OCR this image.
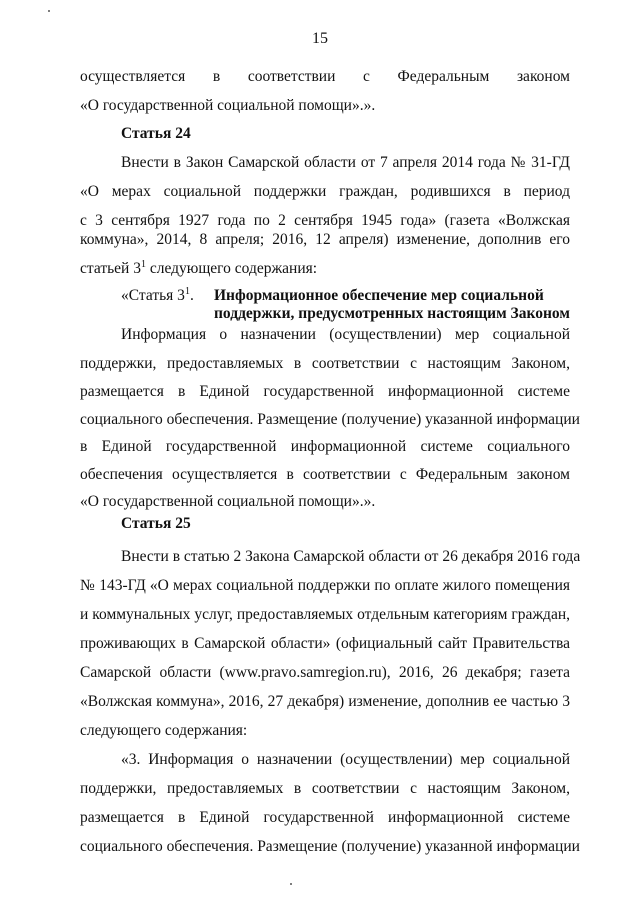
15
осуществляется в соответствии с Федеральным законом
«О государственной социальной помощи».».
Статья 24
Внести в Закон Самарской области от 7 апреля 2014 года № 31-ГД
«О мерах социальной поддержки граждан, родившихся в период
с 3 сентября 1927 года по 2 сентября 1945 года» (газета «Волжская
коммуна», 2014, 8 апреля; 2016, 12 апреля) изменение, дополнив его
статьей $3^1$ следующего содержания:
«Статья $3^1$. Информационное обеспечение мер социальной
поддержки, предусмотренных настоящим Законом
Информация о назначении (осуществлении) мер социальной
поддержки, предоставляемых в соответствии с настоящим Законом,
размещается в Единой государственной информационной системе
социального обеспечения. Размещение (получение) указанной информации
в Единой государственной информационной системе социального
обеспечения осуществляется в соответствии с Федеральным законом
«О государственной социальной помощи».».
Статья 25
Внести в статью 2 Закона Самарской области от 26 декабря 2016 года
№ 143-ГД «О мерах социальной поддержки по оплате жилого помещения
и коммунальных услуг, предоставляемых отдельным категориям граждан,
проживающих в Самарской области» (официальный сайт Правительства
Самарской области (www.pravo.samregion.ru), 2016, 26 декабря; газета
«Волжская коммуна», 2016, 27 декабря) изменение, дополнив ее частью 3
следующего содержания:
«3. Информация о назначении (осуществлении) мер социальной
поддержки, предоставляемых в соответствии с настоящим Законом,
размещается в Единой государственной информационной системе
социального обеспечения. Размещение (получение) указанной информации
